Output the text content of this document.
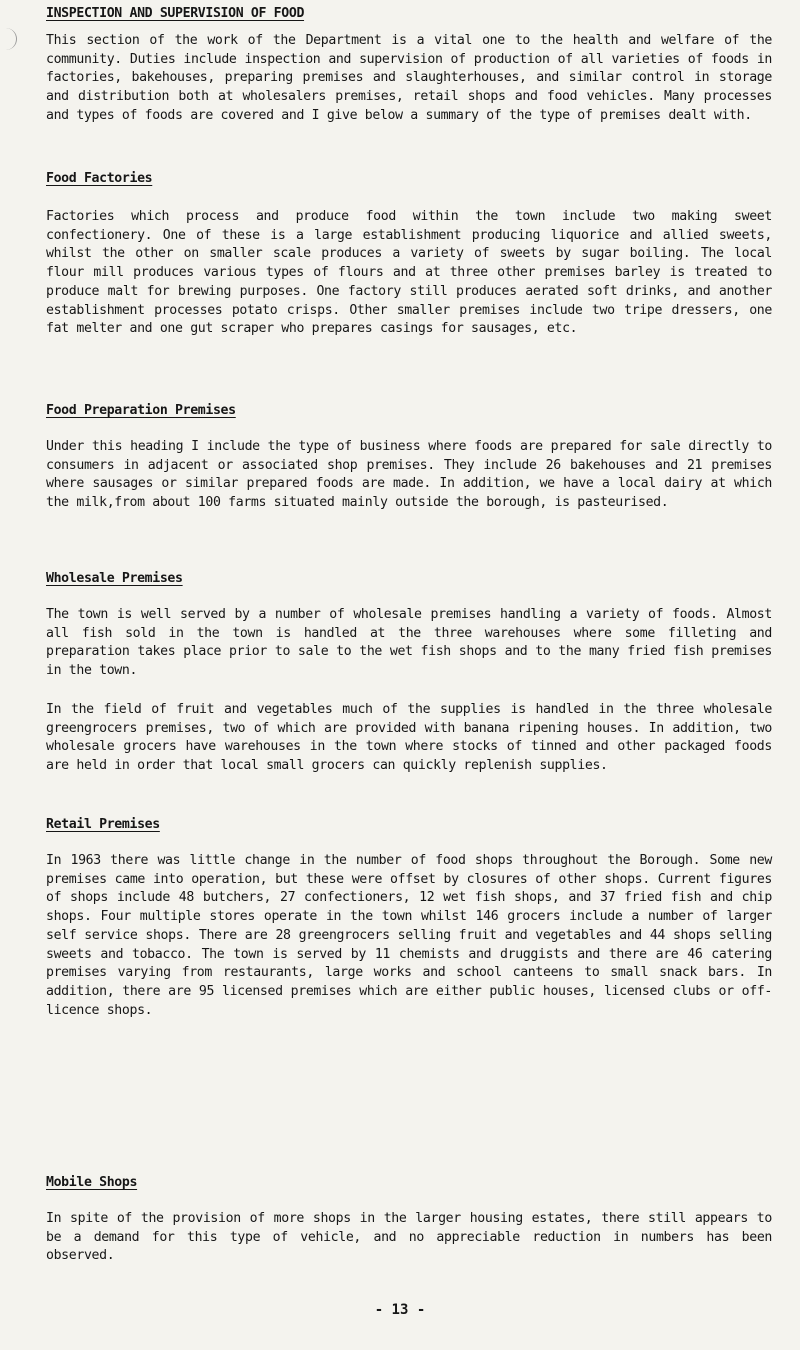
INSPECTION AND SUPERVISION OF FOOD

This section of the work of the Department is a vital one to the health and welfare of the community. Duties include inspection and supervision of production of all varieties of foods in factories, bakehouses, preparing premises and slaughterhouses, and similar control in storage and distribution both at wholesalers premises, retail shops and food vehicles. Many processes and types of foods are covered and I give below a summary of the type of premises dealt with.

Food Factories

Factories which process and produce food within the town include two making sweet confectionery. One of these is a large establishment producing liquorice and allied sweets, whilst the other on smaller scale produces a variety of sweets by sugar boiling. The local flour mill produces various types of flours and at three other premises barley is treated to produce malt for brewing purposes. One factory still produces aerated soft drinks, and another establishment processes potato crisps. Other smaller premises include two tripe dressers, one fat melter and one gut scraper who prepares casings for sausages, etc.

Food Preparation Premises

Under this heading I include the type of business where foods are prepared for sale directly to consumers in adjacent or associated shop premises. They include 26 bakehouses and 21 premises where sausages or similar prepared foods are made. In addition, we have a local dairy at which the milk,from about 100 farms situated mainly outside the borough, is pasteurised.

Wholesale Premises

The town is well served by a number of wholesale premises handling a variety of foods. Almost all fish sold in the town is handled at the three warehouses where some filleting and preparation takes place prior to sale to the wet fish shops and to the many fried fish premises in the town.

In the field of fruit and vegetables much of the supplies is handled in the three wholesale greengrocers premises, two of which are provided with banana ripening houses. In addition, two wholesale grocers have warehouses in the town where stocks of tinned and other packaged foods are held in order that local small grocers can quickly replenish supplies.

Retail Premises

In 1963 there was little change in the number of food shops throughout the Borough. Some new premises came into operation, but these were offset by closures of other shops. Current figures of shops include 48 butchers, 27 confectioners, 12 wet fish shops, and 37 fried fish and chip shops. Four multiple stores operate in the town whilst 146 grocers include a number of larger self service shops. There are 28 greengrocers selling fruit and vegetables and 44 shops selling sweets and tobacco. The town is served by 11 chemists and druggists and there are 46 catering premises varying from restaurants, large works and school canteens to small snack bars. In addition, there are 95 licensed premises which are either public houses, licensed clubs or off-licence shops.

Mobile Shops

In spite of the provision of more shops in the larger housing estates, there still appears to be a demand for this type of vehicle, and no appreciable reduction in numbers has been observed.

- 13 -
